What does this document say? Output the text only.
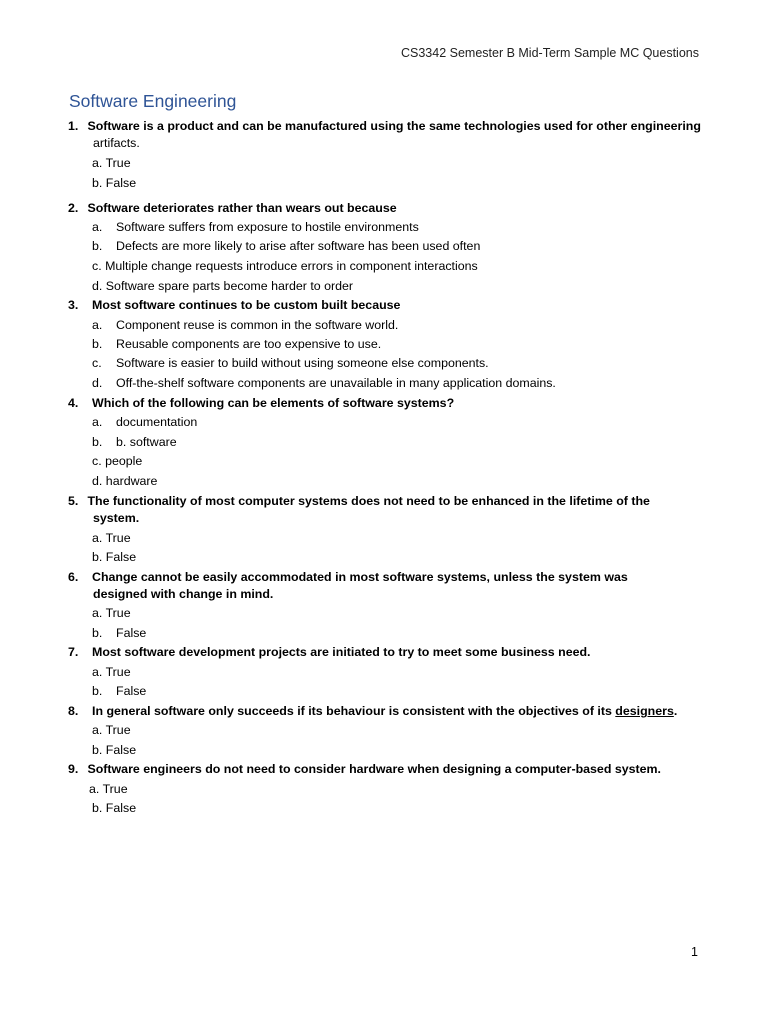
CS3342 Semester B Mid-Term Sample MC Questions
Software Engineering
1. Software is a product and can be manufactured using the same technologies used for other engineering
artifacts.
a. True
b. False
2. Software deteriorates rather than wears out because
a. Software suffers from exposure to hostile environments
b. Defects are more likely to arise after software has been used often
c. Multiple change requests introduce errors in component interactions
d. Software spare parts become harder to order
3. Most software continues to be custom built because
a. Component reuse is common in the software world.
b. Reusable components are too expensive to use.
c. Software is easier to build without using someone else components.
d. Off-the-shelf software components are unavailable in many application domains.
4. Which of the following can be elements of software systems?
a. documentation
b. b. software
c. people
d. hardware
5. The functionality of most computer systems does not need to be enhanced in the lifetime of the
system.
a. True
b. False
6. Change cannot be easily accommodated in most software systems, unless the system was
designed with change in mind.
a. True
b. False
7. Most software development projects are initiated to try to meet some business need.
a. True
b. False
8. In general software only succeeds if its behaviour is consistent with the objectives of its designers.
a. True
b. False
9. Software engineers do not need to consider hardware when designing a computer-based system.
a. True
b. False
1
